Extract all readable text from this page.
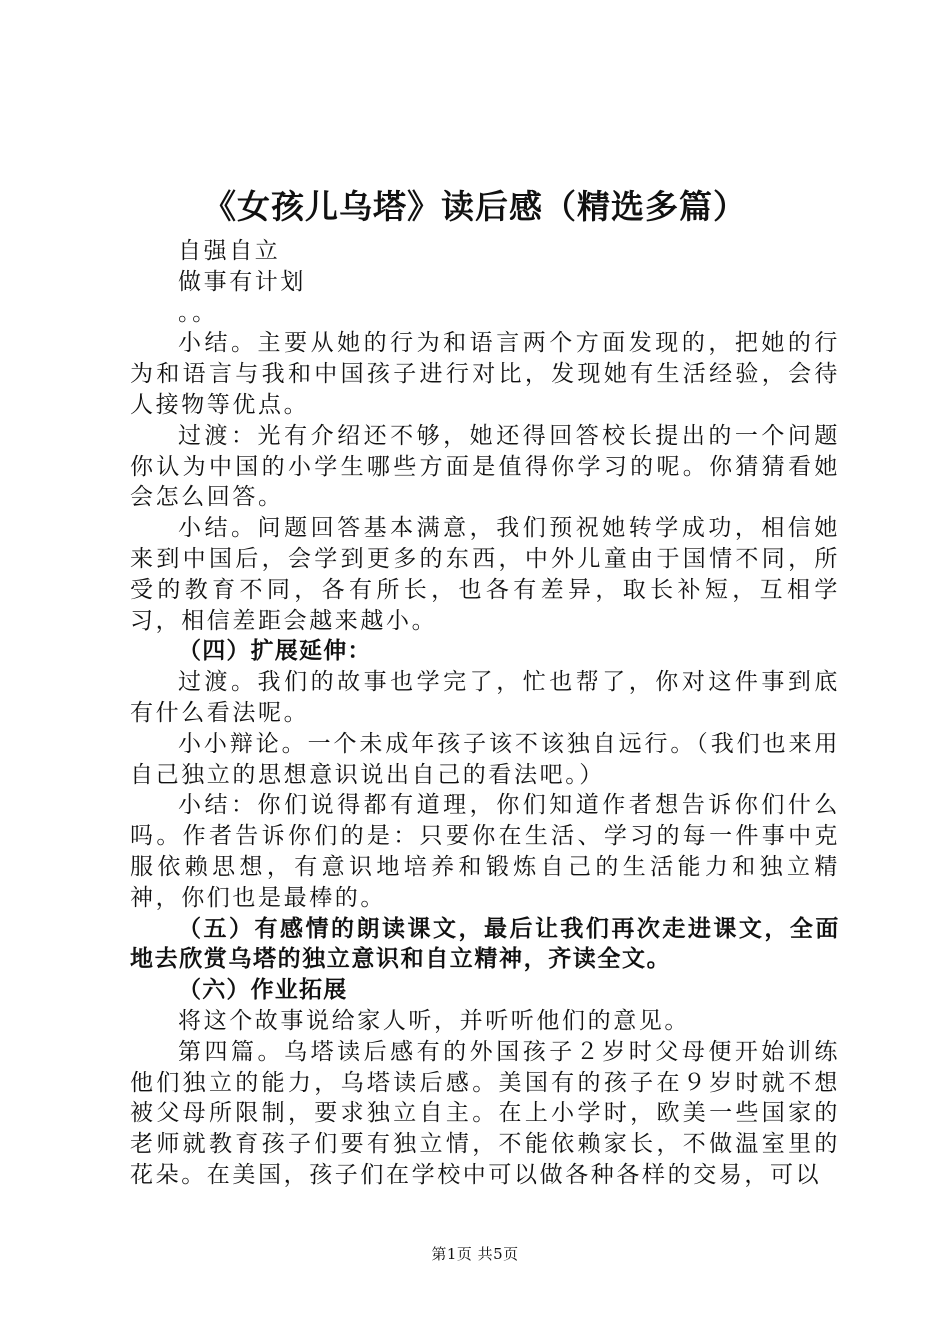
《女孩儿乌塔》读后感（精选多篇）

自强自立

做事有计划

。。

小结。主要从她的行为和语言两个方面发现的，把她的行为和语言与我和中国孩子进行对比，发现她有生活经验，会待人接物等优点。

过渡：光有介绍还不够，她还得回答校长提出的一个问题你认为中国的小学生哪些方面是值得你学习的呢。你猜猜看她会怎么回答。

小结。问题回答基本满意，我们预祝她转学成功，相信她来到中国后，会学到更多的东西，中外儿童由于国情不同，所受的教育不同，各有所长，也各有差异，取长补短，互相学习，相信差距会越来越小。

（四）扩展延伸：

过渡。我们的故事也学完了，忙也帮了，你对这件事到底有什么看法呢。

小小辩论。一个未成年孩子该不该独自远行。（我们也来用自己独立的思想意识说出自己的看法吧。）

小结：你们说得都有道理，你们知道作者想告诉你们什么吗。作者告诉你们的是：只要你在生活、学习的每一件事中克服依赖思想，有意识地培养和锻炼自己的生活能力和独立精神，你们也是最棒的。

（五）有感情的朗读课文，最后让我们再次走进课文，全面地去欣赏乌塔的独立意识和自立精神，齐读全文。

（六）作业拓展

将这个故事说给家人听，并听听他们的意见。

第四篇。乌塔读后感有的外国孩子２岁时父母便开始训练他们独立的能力，乌塔读后感。美国有的孩子在９岁时就不想被父母所限制，要求独立自主。在上小学时，欧美一些国家的老师就教育孩子们要有独立情，不能依赖家长，不做温室里的花朵。在美国，孩子们在学校中可以做各种各样的交易，可以

第1页 共5页
